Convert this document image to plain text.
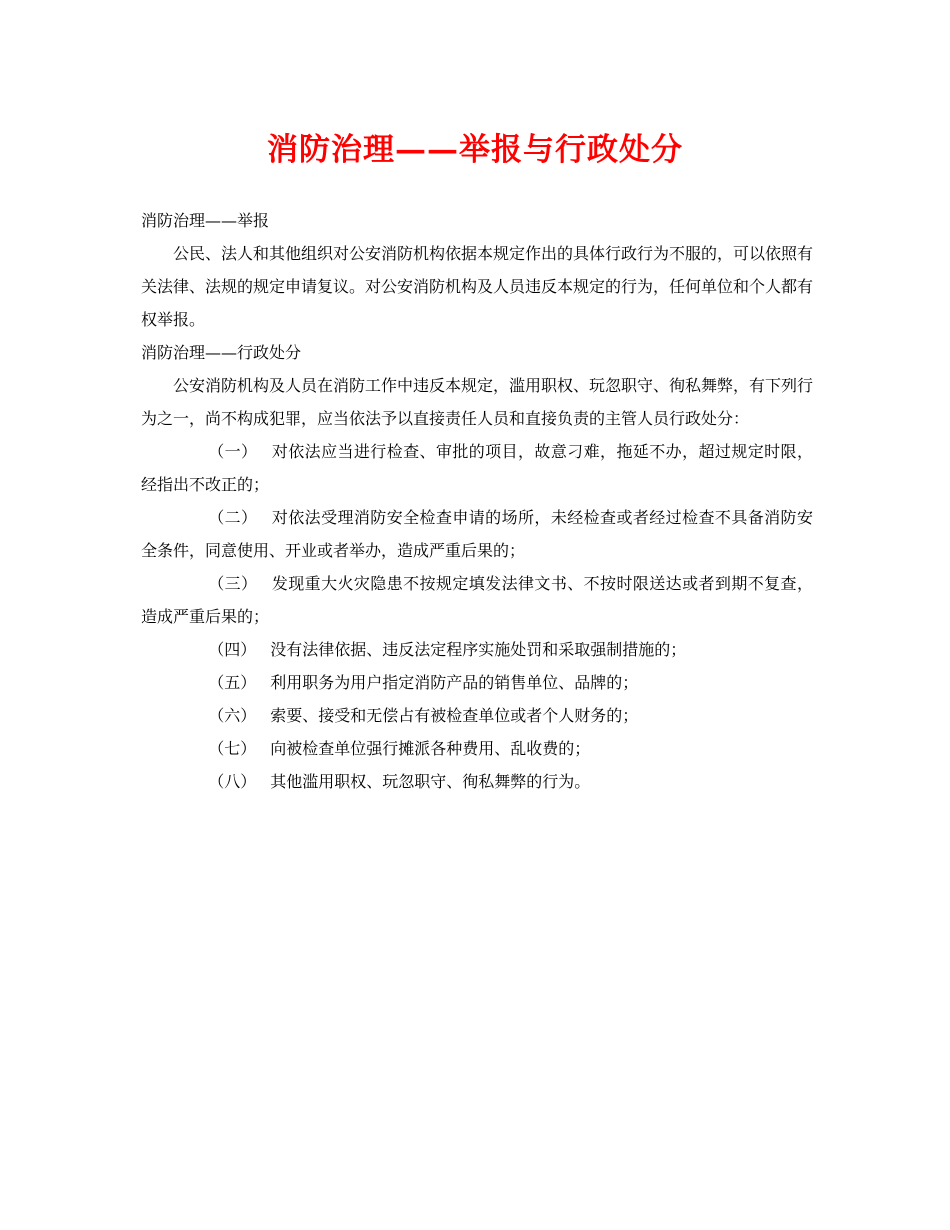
消防治理——举报与行政处分

消防治理——举报

公民、法人和其他组织对公安消防机构依据本规定作出的具体行政行为不服的，可以依照有关法律、法规的规定申请复议。对公安消防机构及人员违反本规定的行为，任何单位和个人都有权举报。

消防治理——行政处分

公安消防机构及人员在消防工作中违反本规定，滥用职权、玩忽职守、徇私舞弊，有下列行为之一，尚不构成犯罪，应当依法予以直接责任人员和直接负责的主管人员行政处分：

（一） 对依法应当进行检查、审批的项目，故意刁难，拖延不办，超过规定时限，经指出不改正的；

（二） 对依法受理消防安全检查申请的场所，未经检查或者经过检查不具备消防安全条件，同意使用、开业或者举办，造成严重后果的；

（三） 发现重大火灾隐患不按规定填发法律文书、不按时限送达或者到期不复查，造成严重后果的；

（四） 没有法律依据、违反法定程序实施处罚和采取强制措施的；

（五） 利用职务为用户指定消防产品的销售单位、品牌的；

（六） 索要、接受和无偿占有被检查单位或者个人财务的；

（七） 向被检查单位强行摊派各种费用、乱收费的；

（八） 其他滥用职权、玩忽职守、徇私舞弊的行为。
